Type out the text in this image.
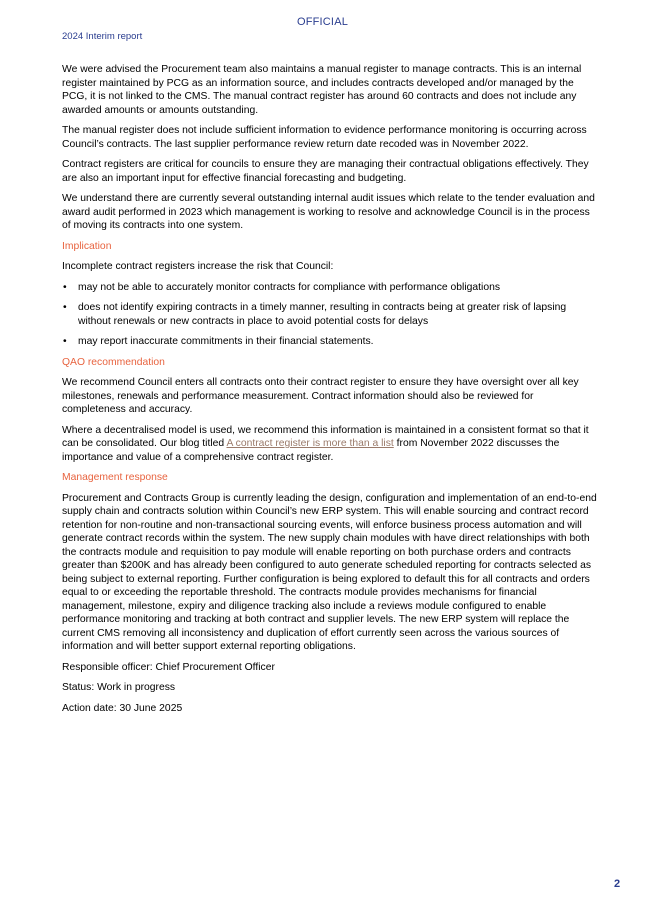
OFFICIAL
2024 Interim report

We were advised the Procurement team also maintains a manual register to manage contracts. This is an internal register maintained by PCG as an information source, and includes contracts developed and/or managed by the PCG, it is not linked to the CMS. The manual contract register has around 60 contracts and does not include any awarded amounts or amounts outstanding.

The manual register does not include sufficient information to evidence performance monitoring is occurring across Council’s contracts. The last supplier performance review return date recoded was in November 2022.

Contract registers are critical for councils to ensure they are managing their contractual obligations effectively. They are also an important input for effective financial forecasting and budgeting.

We understand there are currently several outstanding internal audit issues which relate to the tender evaluation and award audit performed in 2023 which management is working to resolve and acknowledge Council is in the process of moving its contracts into one system.

Implication

Incomplete contract registers increase the risk that Council:

• may not be able to accurately monitor contracts for compliance with performance obligations
• does not identify expiring contracts in a timely manner, resulting in contracts being at greater risk of lapsing without renewals or new contracts in place to avoid potential costs for delays
• may report inaccurate commitments in their financial statements.
QAO recommendation

We recommend Council enters all contracts onto their contract register to ensure they have oversight over all key milestones, renewals and performance measurement. Contract information should also be reviewed for completeness and accuracy.

Where a decentralised model is used, we recommend this information is maintained in a consistent format so that it can be consolidated. Our blog titled A contract register is more than a list from November 2022 discusses the importance and value of a comprehensive contract register.

Management response

Procurement and Contracts Group is currently leading the design, configuration and implementation of an end-to-end supply chain and contracts solution within Council’s new ERP system. This will enable sourcing and contract record retention for non-routine and non-transactional sourcing events, will enforce business process automation and will generate contract records within the system. The new supply chain modules with have direct relationships with both the contracts module and requisition to pay module will enable reporting on both purchase orders and contracts greater than $200K and has already been configured to auto generate scheduled reporting for contracts selected as being subject to external reporting. Further configuration is being explored to default this for all contracts and orders equal to or exceeding the reportable threshold. The contracts module provides mechanisms for financial management, milestone, expiry and diligence tracking also include a reviews module configured to enable performance monitoring and tracking at both contract and supplier levels. The new ERP system will replace the current CMS removing all inconsistency and duplication of effort currently seen across the various sources of information and will better support external reporting obligations.

Responsible officer: Chief Procurement Officer

Status: Work in progress

Action date: 30 June 2025

2
